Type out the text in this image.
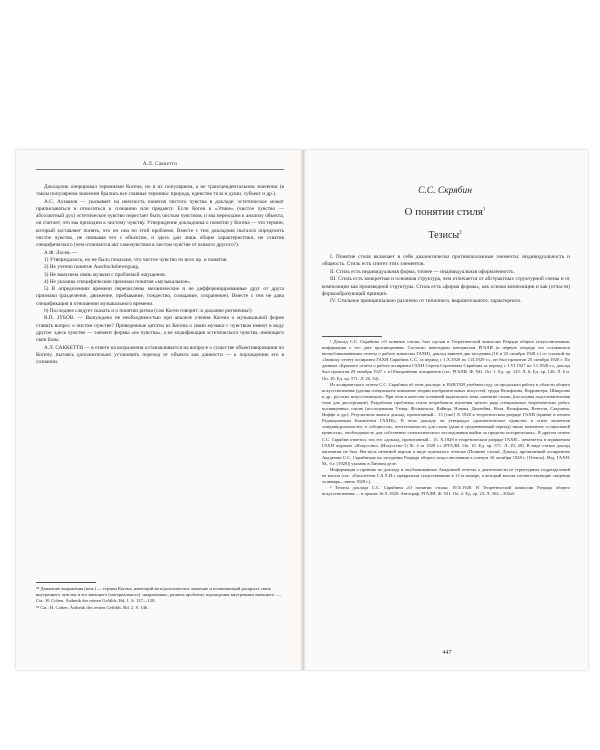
А.Л. Саккетти

Докладчик оперировал терминами Когена, но в их популярном, а не трансцендентальном значении (в таком популярном значении брались все главные термины: природа, единство тела и души, субъект и др.).

А.С. Ахманов — указывает на неясность понятия чистого чувства в докладе: эстетическое может приписываться и относиться к сознанию или предмету. Если Коген в «Этике» (чистое чувство — абсолютный дух) эстетическое чувство перестает быть чистым чувством, и мы переходим к анализу объекта, он считает, что мы приходим к чистому чувству. Утверждение докладчика о понятии у Когена — это термин, который заставляет понять, что он сам по этой проблеме. Вместе с тем докладчик пытался определить чистое чувство, не связывая его с объектом, и здесь дан лишь общие характеристики, не схватив специфического (чем отличается акт самочувствия в чистом чувстве от всякого другого?).

А.Ф. Лосев. —

1) Утверждалось, но не было показано, что чистое чувство из всех пр. и понятия.

2) Не учтено понятие Ausdrucksbewegung.

3) Не выяснена связь музыки с проблемой ощущения.

4) Не указаны специфические признаки понятия «музыкальное».

5) В определениях времени перечислены механические и не дифференцированные друг от друга признаки (разделение, движение, пребывание, тождество, созидание, сохранение). Вместе с тем не дана спецификация в отношении музыкального времени.

6) Последнее следует сказать и о понятии ритма (сам Коген говорит: и дыхание ритмичны!)

В.П. ЗУБОВ. — Вынуждено не необходимостью при анализе учения Когена о музыкальной форме ставить вопрос о чистом чувстве? Приведенные цитаты из Когена о связи музыки с чувством имеют в виду другое: здесь чувство — элемент формы «из чувства», а не модификация эстетического чувства, имеющего свои базы.

А.Л. САККЕТТИ — в ответе на возражения останавливается на вопросе о существе объективирования по Когену, пытаясь дополнительно установить переход от объекта как данности — к порождению его в сознании.

⁵⁸ Движение выражения (нем.) — термин Когена, имеющий методологическое значение и позволяющий раскрыть связь внутреннего чувства и его внешнего (материального) «выражения», решить проблему порождения внутренним внешнего. — См.: H. Cohen. Ästhetik des reinen Gefühls. Bd. 1. S. 127—128.

⁵⁹ См.: H. Cohen. Ästhetik des reinen Gefühls. Bd. 2. S. 146.

С.С. Скрябин
О понятии стиля$^1$
Тезисы$^2$

I. Понятие стиля включает в себя диалектически противоположные элементы: индивидуальность и общность. Стиль есть синтез этих элементов.

II. Стиль есть индивидуальная форма, точнее — индивидуальная оформленность.

III. Стиль есть конкретная и основная структура, чем отличается от абстрактных структурной схемы и от композиции как производной структуры. Стиль есть «форма формы», как основа композиции и как (отчасти) формообразующий принцип.

IV. Стильное принципиально различно от типичного, выразительного, характерного.

¹ Доклад С.С. Скрябина «О понятии стиля» был сделан в Теоретической комиссии Разряда общего искусствознания; информация о его дате противоречива. Согласно некоторым материалам РГАЛИ (в первую очередь это оставшиеся неопубликованными отчеты о работе комиссии ГАХН), доклад заявлен два заседания (16 и 25 октября 1928 г.) со ссылкой на «Записку отчету аспиранта ГАХН Скрябина С.С. за период с 1.X.1928 по 1.II.1929 г.», он был прочитан 25 октября 1928 г. По данным «Краткого отчета о работе аспиранта ГАХН Сергея Сергеевича Скрябина за период с 1.VI.1927 по 1.I.1928 г.», доклад был прочитан 29 октября 1927 г. в Объединении аспирантов (см.: РГАЛИ. Ф. 941. Оп. 1. Ед. хр. 125. Л. 6; Ед. хр. 126. Л. 6 и. Оп. 10. Ед. хр. 571. Л. 20, 34).

Из аспирантского отчета С.С. Скрябина об этом докладе: в 1928/1929 учебном году «в продолжал работу в области общего искусствознания (уделяя специальное внимание теории изобразительных искусств): труды Вельфлина, Воррингера, Шмарсова и др.; русских искусствоведов». При этом в качестве основной выделялась тема «понятие стиля» (последняя подготовительная тема для диссертации). Разработка проблемы стиля потребовала изучения целого ряда специальных теоретических работ, посвященных стилю (исследования Утица, Фолькельта, Кайнца, Новака, Даплейна, Ноля, Вельфлина, Венгеля, Сакулина, Иоффе и др.). Результатом явился доклад, прочитанный... 15 [так!] X 1928 в теоретическом разряде ГАХН (принят в печати Редакционным Комитетом ГАХН)». В этом докладе он утверждал «диалектическое единство в стиле моментов «индивидуальности» и «общности», неотъемлемость для стиля (даже в средневековый период) таких моментов «социальной ценности», необходимость для собственно стилистического исследования выйти за пределы исторических». В другом отчете С.С. Скрябин отметил, что его «доклад, прочитанный... 15. X.1928 в теоретическом разряде ГАХН... печатается в издаваемом ГАХН журнале «Искусство» (Искусство-1) № 4 за 1928 г.» (РГАЛИ. Оп. 10. Ед. хр. 571. Л. 19, 20). В виде статьи доклад напечатан не был. Вы-пуск печатной версии в виде отдельного оттиска (Понятие стиля). Доклад, прочитанный аспирантом Академии С.С. Скрябиным на заседании Разряда общего искусствознания в пленум 16 октября 1928 г. [Оттиск]. Изд. ГАХН. М., б.г. [1928]) указано в Личном деле.

Информация о прениях по докладу в опубликованных Академией отчетах о деятельности ее структурных подразделений не вошла (см.: «Бюллетени Г.А.Х.Н.» прекратили существование в 11-м номере, а который вошли соответствующие сведения за январь—июнь 1928 г.).

² Тезисы доклада С.С. Скрябина «О понятии стиля» 19.X.1928. В Теоретической комиссии Разряда общего искусствознания — в архиве 16.X.1928. Автограф. РГАЛИ. Ф. 941. Оп. 2. Ед. хр. 23. Л. 302—302об.

447
